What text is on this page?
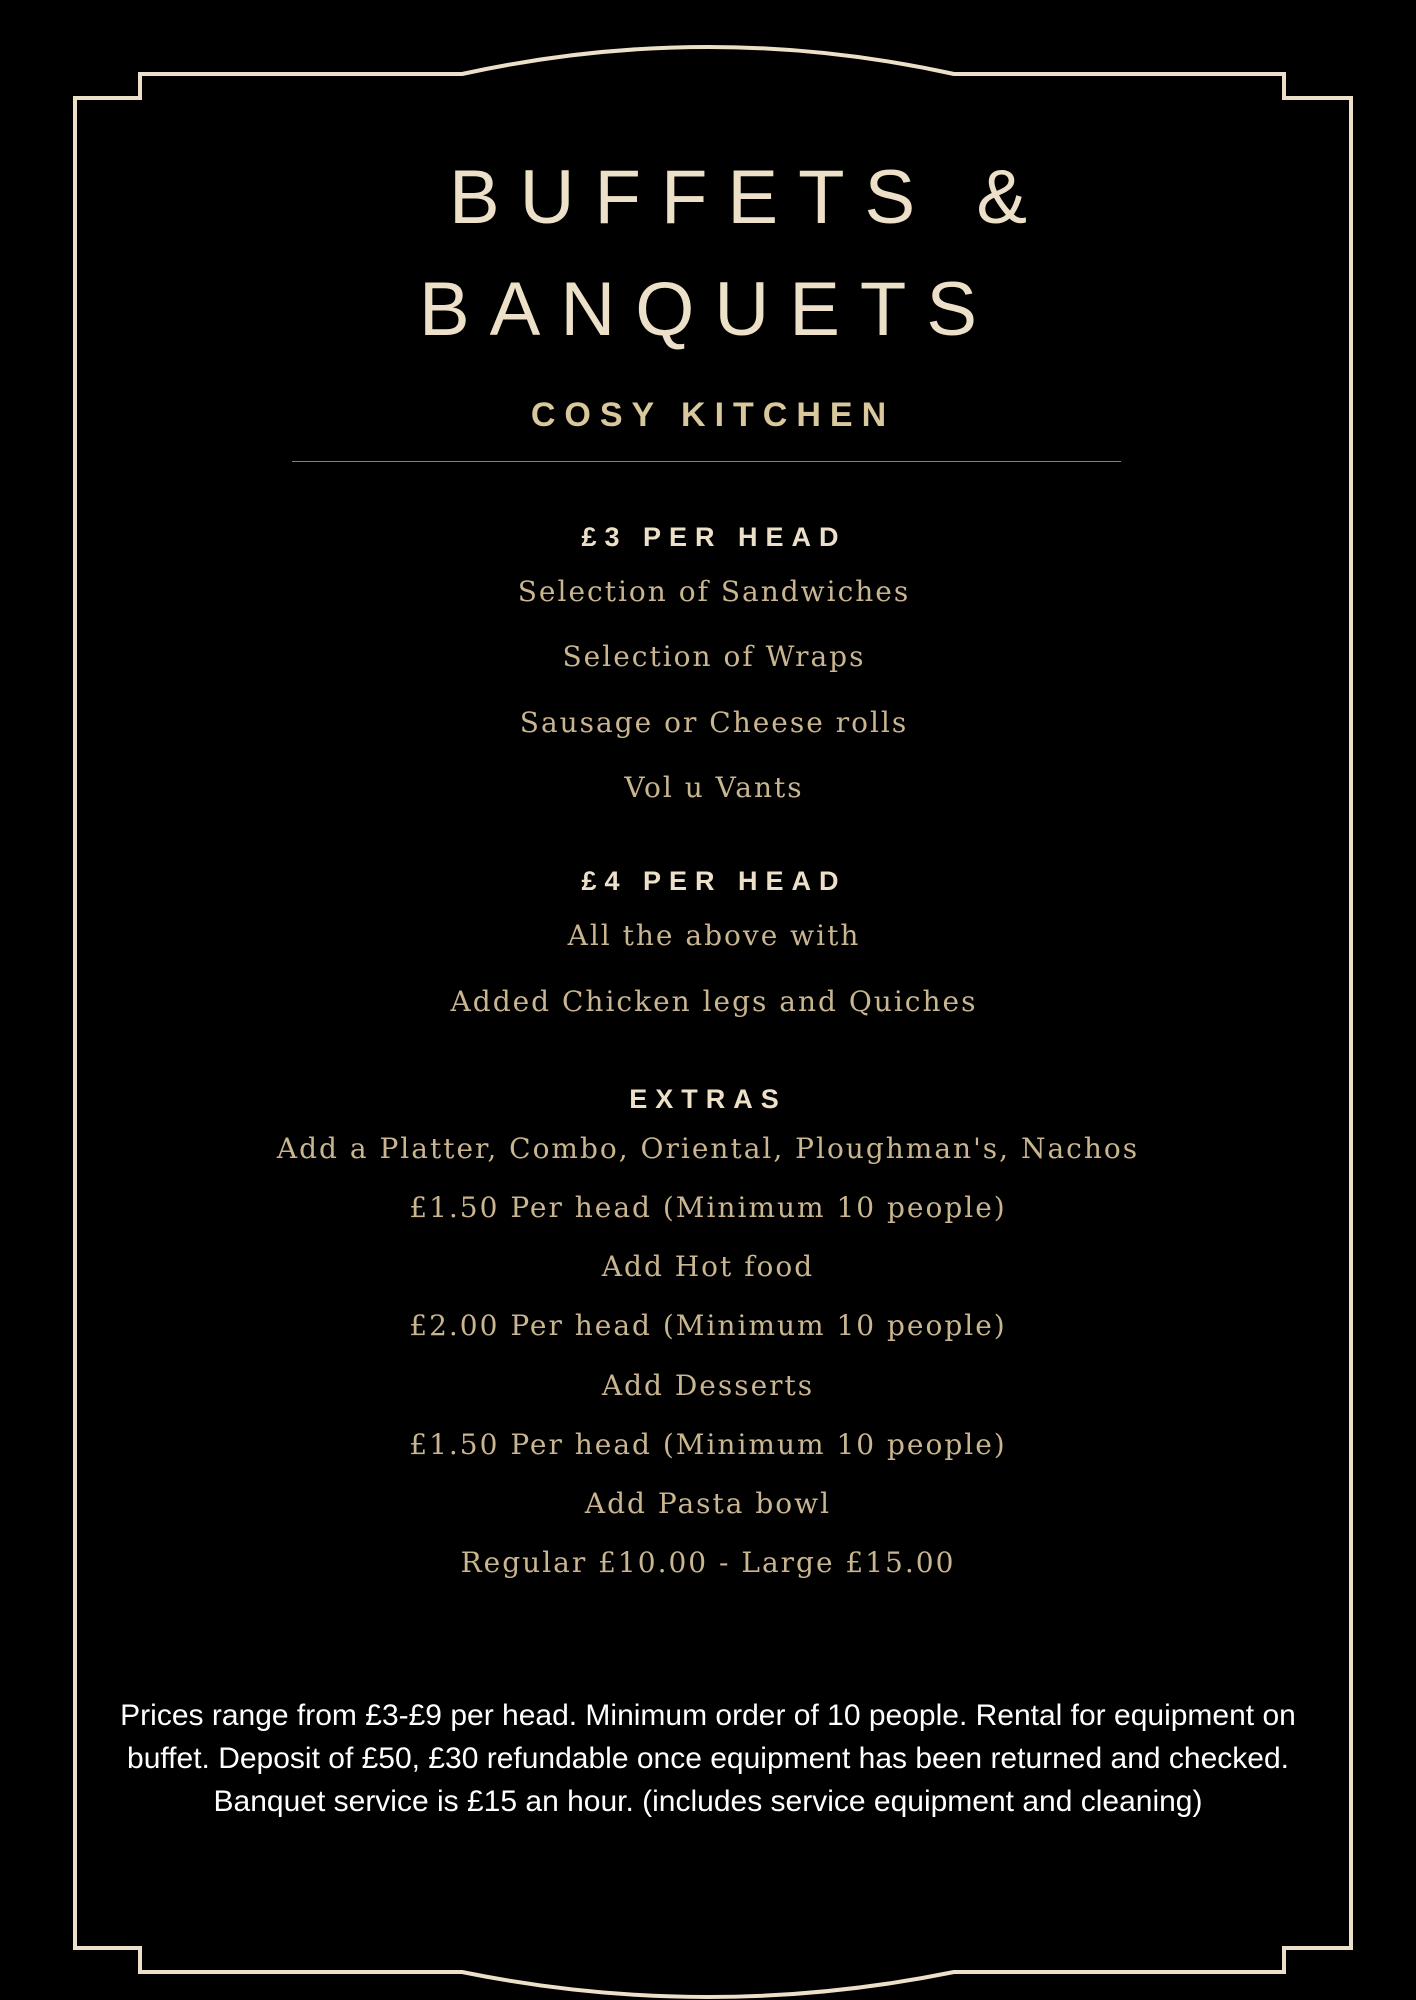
BUFFETS &
BANQUETS
COSY KITCHEN
£3 PER HEAD
Selection of Sandwiches
Selection of Wraps
Sausage or Cheese rolls
Vol u Vants
£4 PER HEAD
All the above with
Added Chicken legs and Quiches
EXTRAS
Add a Platter, Combo, Oriental, Ploughman's, Nachos
£1.50 Per head (Minimum 10 people)
Add Hot food
£2.00 Per head (Minimum 10 people)
Add Desserts
£1.50 Per head (Minimum 10 people)
Add Pasta bowl
Regular £10.00 - Large £15.00
Prices range from £3-£9 per head. Minimum order of 10 people. Rental for equipment on buffet. Deposit of £50, £30 refundable once equipment has been returned and checked. Banquet service is £15 an hour. (includes service equipment and cleaning)
